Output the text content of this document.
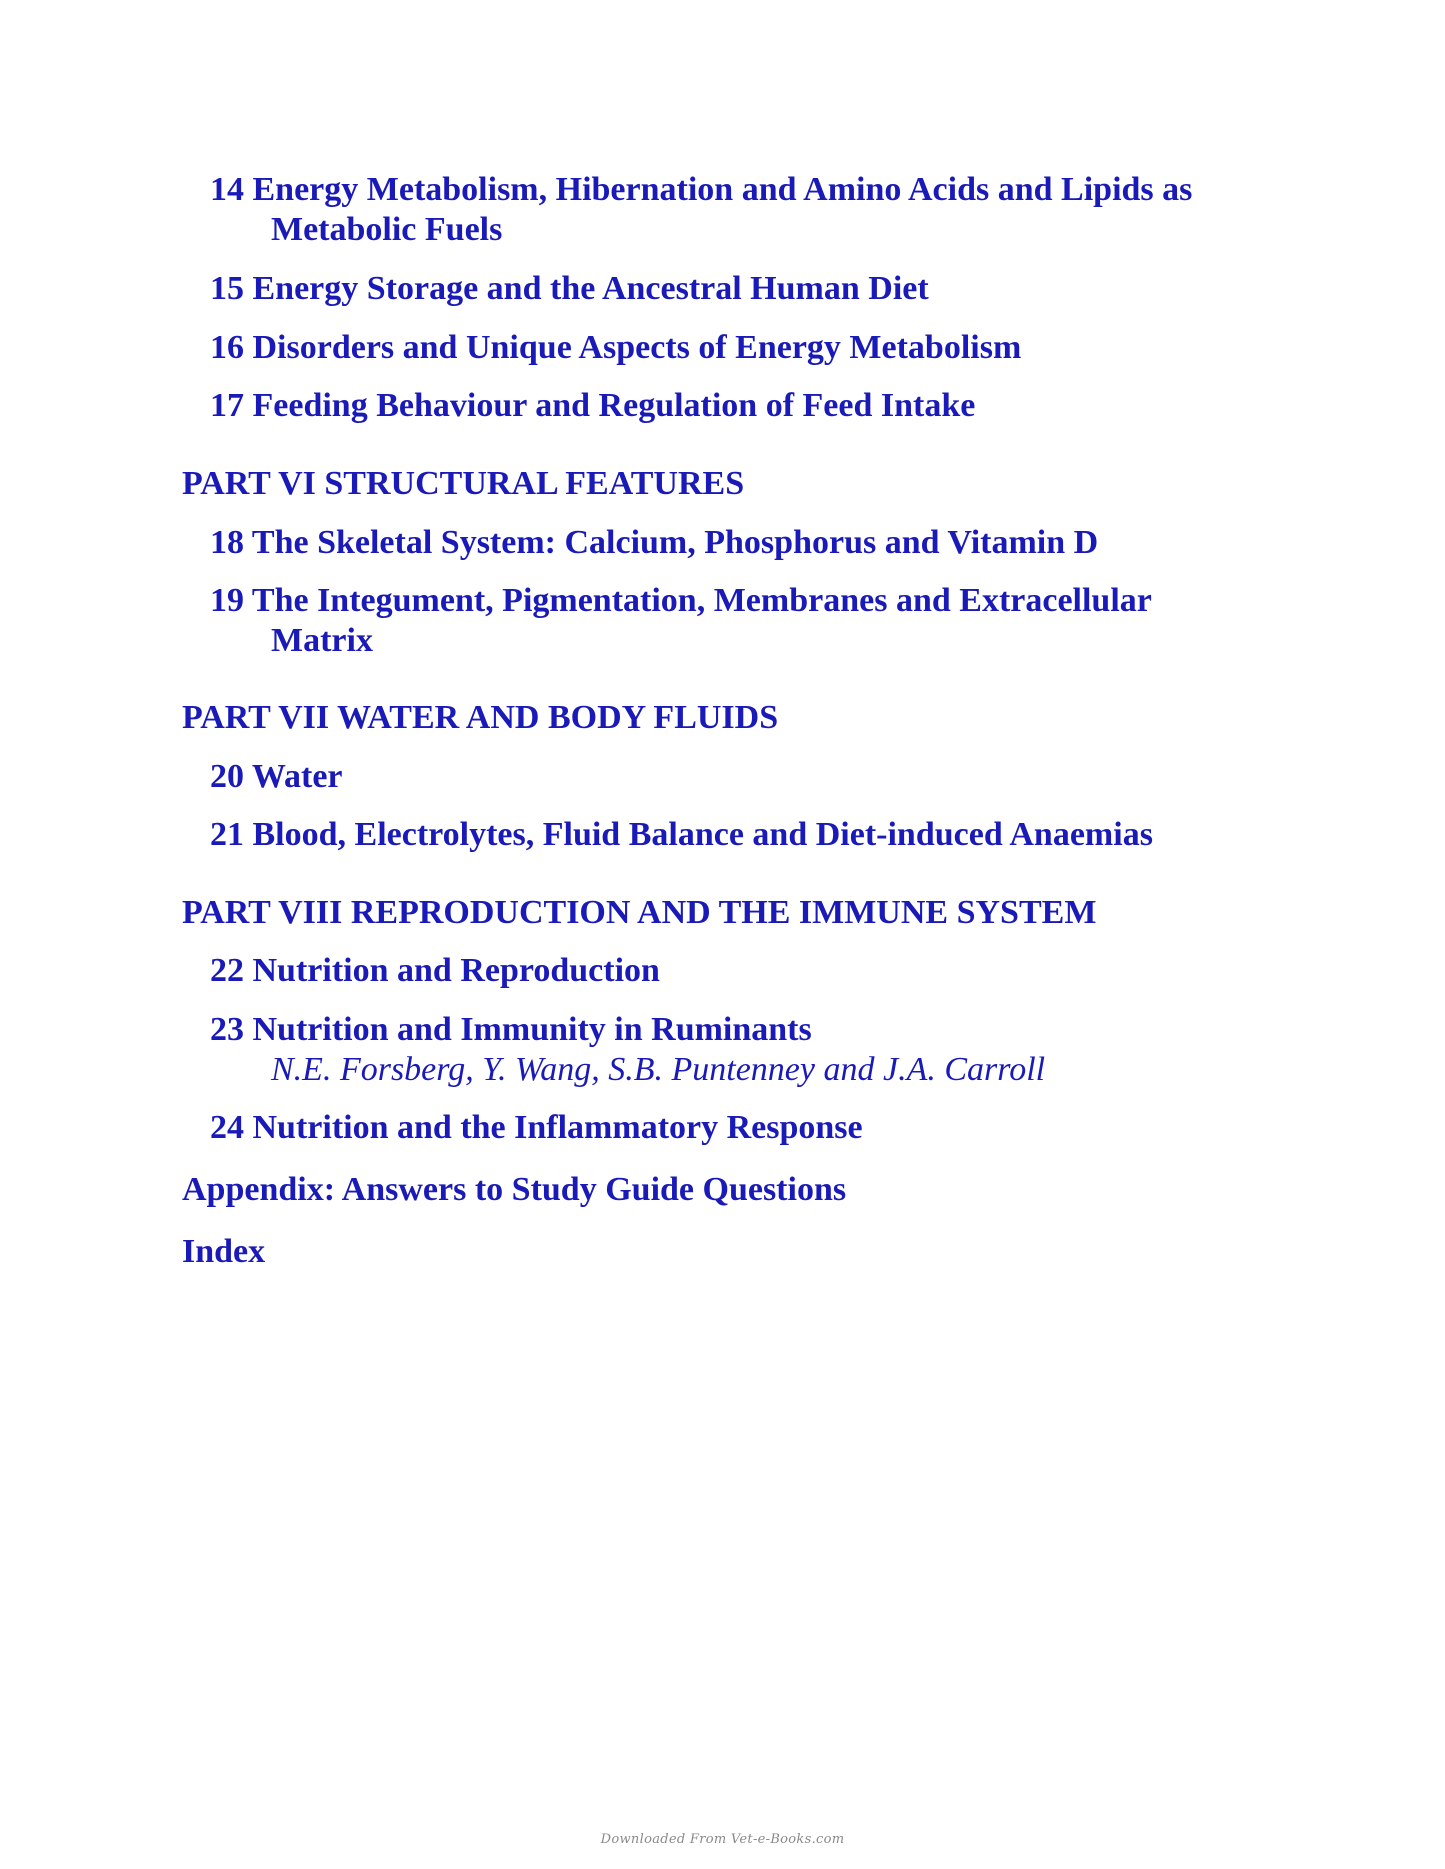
14 Energy Metabolism, Hibernation and Amino Acids and Lipids as
Metabolic Fuels
15 Energy Storage and the Ancestral Human Diet
16 Disorders and Unique Aspects of Energy Metabolism
17 Feeding Behaviour and Regulation of Feed Intake
PART VI STRUCTURAL FEATURES
18 The Skeletal System: Calcium, Phosphorus and Vitamin D
19 The Integument, Pigmentation, Membranes and Extracellular
Matrix
PART VII WATER AND BODY FLUIDS
20 Water
21 Blood, Electrolytes, Fluid Balance and Diet-induced Anaemias
PART VIII REPRODUCTION AND THE IMMUNE SYSTEM
22 Nutrition and Reproduction
23 Nutrition and Immunity in Ruminants
N.E. Forsberg, Y. Wang, S.B. Puntenney and J.A. Carroll
24 Nutrition and the Inflammatory Response
Appendix: Answers to Study Guide Questions
Index
Downloaded From Vet-e-Books.com
